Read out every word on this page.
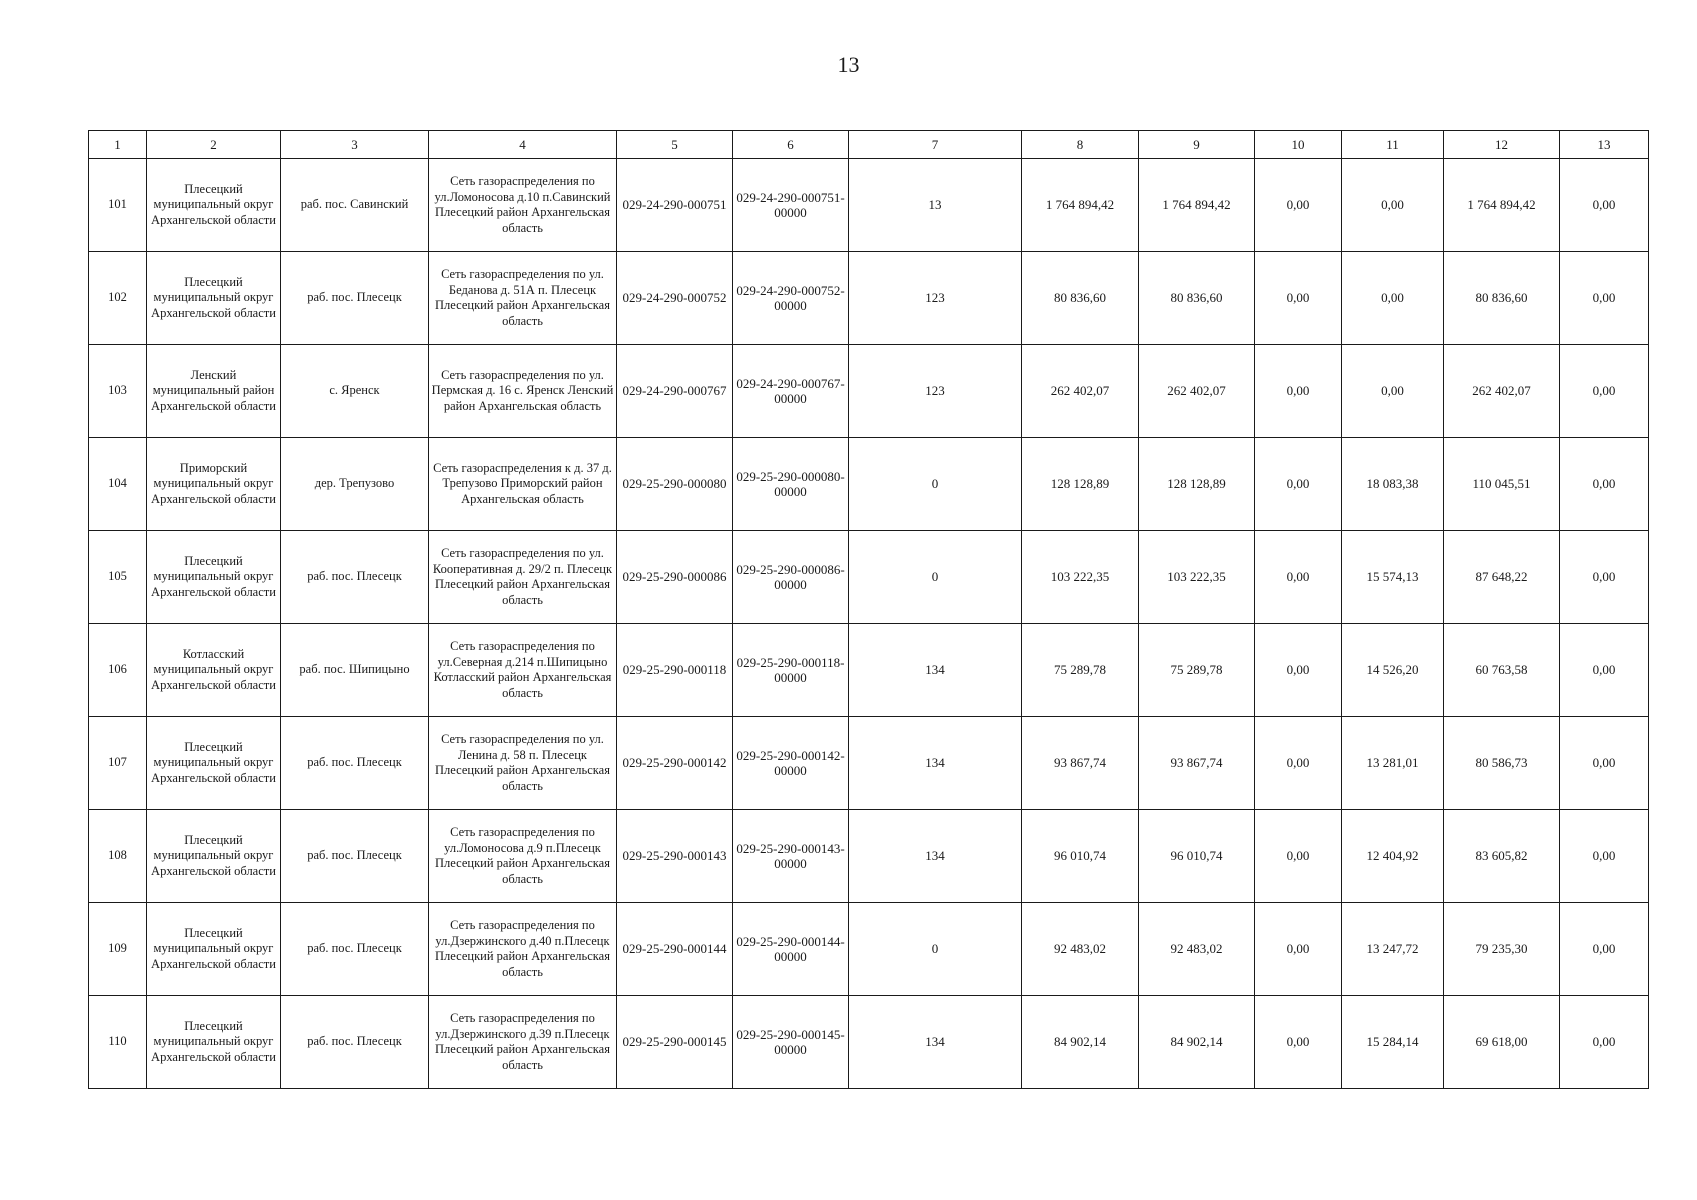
13
1	2	3	4	5	6	7	8	9	10	11	12	13
101	Плесецкий муниципальный округ Архангельской области	раб. пос. Савинский	Сеть газораспределения по ул.Ломоносова д.10 п.Савинский Плесецкий район Архангельская область	029-24-290-000751	029-24-290-000751-00000	13	1 764 894,42	1 764 894,42	0,00	0,00	1 764 894,42	0,00
102	Плесецкий муниципальный округ Архангельской области	раб. пос. Плесецк	Сеть газораспределения по ул. Беданова д. 51А п. Плесецк Плесецкий район Архангельская область	029-24-290-000752	029-24-290-000752-00000	123	80 836,60	80 836,60	0,00	0,00	80 836,60	0,00
103	Ленский муниципальный район Архангельской области	с. Яренск	Сеть газораспределения по ул. Пермская д. 16 с. Яренск Ленский район Архангельская область	029-24-290-000767	029-24-290-000767-00000	123	262 402,07	262 402,07	0,00	0,00	262 402,07	0,00
104	Приморский муниципальный округ Архангельской области	дер. Трепузово	Сеть газораспределения к д. 37 д. Трепузово Приморский район Архангельская область	029-25-290-000080	029-25-290-000080-00000	0	128 128,89	128 128,89	0,00	18 083,38	110 045,51	0,00
105	Плесецкий муниципальный округ Архангельской области	раб. пос. Плесецк	Сеть газораспределения по ул. Кооперативная д. 29/2 п. Плесецк Плесецкий район Архангельская область	029-25-290-000086	029-25-290-000086-00000	0	103 222,35	103 222,35	0,00	15 574,13	87 648,22	0,00
106	Котласский муниципальный округ Архангельской области	раб. пос. Шипицыно	Сеть газораспределения по ул.Северная д.214 п.Шипицыно Котласский район Архангельская область	029-25-290-000118	029-25-290-000118-00000	134	75 289,78	75 289,78	0,00	14 526,20	60 763,58	0,00
107	Плесецкий муниципальный округ Архангельской области	раб. пос. Плесецк	Сеть газораспределения по ул. Ленина д. 58 п. Плесецк Плесецкий район Архангельская область	029-25-290-000142	029-25-290-000142-00000	134	93 867,74	93 867,74	0,00	13 281,01	80 586,73	0,00
108	Плесецкий муниципальный округ Архангельской области	раб. пос. Плесецк	Сеть газораспределения по ул.Ломоносова д.9 п.Плесецк Плесецкий район Архангельская область	029-25-290-000143	029-25-290-000143-00000	134	96 010,74	96 010,74	0,00	12 404,92	83 605,82	0,00
109	Плесецкий муниципальный округ Архангельской области	раб. пос. Плесецк	Сеть газораспределения по ул.Дзержинского д.40 п.Плесецк Плесецкий район Архангельская область	029-25-290-000144	029-25-290-000144-00000	0	92 483,02	92 483,02	0,00	13 247,72	79 235,30	0,00
110	Плесецкий муниципальный округ Архангельской области	раб. пос. Плесецк	Сеть газораспределения по ул.Дзержинского д.39 п.Плесецк Плесецкий район Архангельская область	029-25-290-000145	029-25-290-000145-00000	134	84 902,14	84 902,14	0,00	15 284,14	69 618,00	0,00
